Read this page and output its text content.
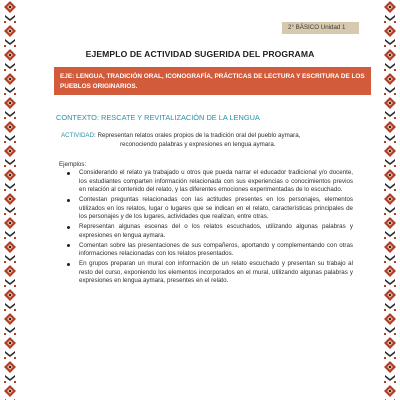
2° BÁSICO Unidad 1
EJEMPLO DE ACTIVIDAD SUGERIDA DEL PROGRAMA
EJE: LENGUA, TRADICIÓN ORAL, ICONOGRAFÍA, PRÁCTICAS DE LECTURA Y ESCRITURA DE LOS PUEBLOS ORIGINARIOS.
CONTEXTO: RESCATE Y REVITALIZACIÓN DE LA LENGUA
ACTIVIDAD: Representan relatos orales propios de la tradición oral del pueblo aymara,
reconociendo palabras y expresiones en lengua aymara.
Ejemplos:
Considerando el relato ya trabajado u otros que pueda narrar el educador tradicional y/o docente, los estudiantes comparten información relacionada con sus experiencias o conocimientos previos en relación al contenido del relato, y las diferentes emociones experimentadas de lo escuchado.
Contestan preguntas relacionadas con las actitudes presentes en los personajes, elementos utilizados en los relatos, lugar o lugares que se indican en el relato, características principales de los personajes y de los lugares, actividades que realizan, entre otras.
Representan algunas escenas del o los relatos escuchados, utilizando algunas palabras y expresiones en lengua aymara.
Comentan sobre las presentaciones de sus compañeros, aportando y complementando con otras informaciones relacionadas con los relatos presentados.
En grupos preparan un mural con información de un relato escuchado y presentan su trabajo al resto del curso, exponiendo los elementos incorporados en el mural, utilizando algunas palabras y expresiones en lengua aymara, presentes en el relato.
